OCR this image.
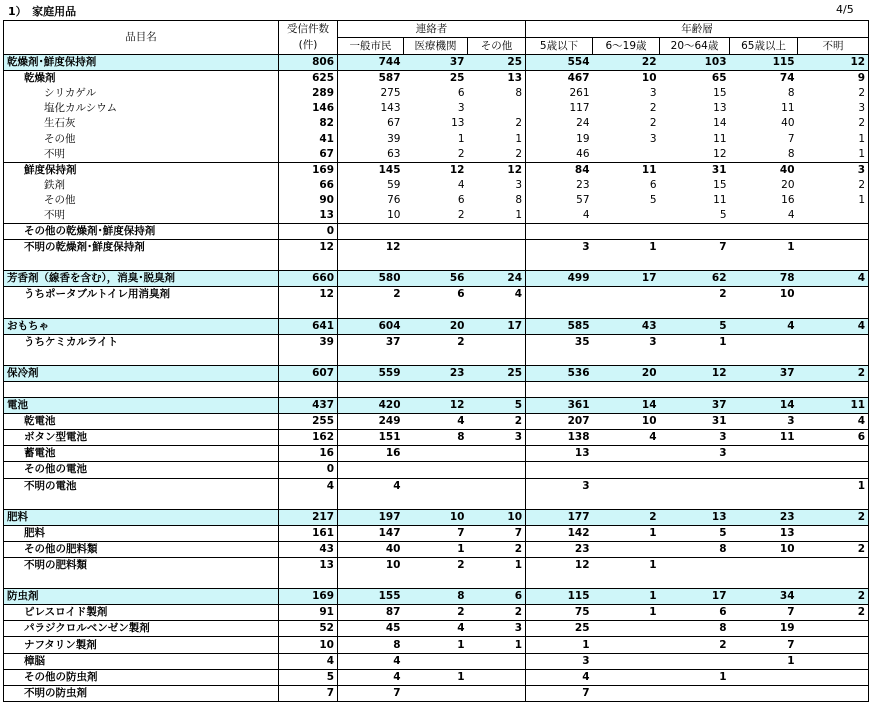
1）　家庭用品	4/5
品目名	受信件数	連絡者			年齢層				
	(件)	一般市民	医療機関	その他	5歳以下	6～19歳	20～64歳	65歳以上	不明
乾燥剤･鮮度保持剤	806	744	37	25	554	22	103	115	12
乾燥剤	625	587	25	13	467	10	65	74	9
シリカゲル	289	275	6	8	261	3	15	8	2
塩化カルシウム	146	143	3		117	2	13	11	3
生石灰	82	67	13	2	24	2	14	40	2
その他	41	39	1	1	19	3	11	7	1
不明	67	63	2	2	46		12	8	1
鮮度保持剤	169	145	12	12	84	11	31	40	3
鉄剤	66	59	4	3	23	6	15	20	2
その他	90	76	6	8	57	5	11	16	1
不明	13	10	2	1	4		5	4	
その他の乾燥剤･鮮度保持剤	0								
不明の乾燥剤･鮮度保持剤	12	12			3	1	7	1	

芳香剤（線香を含む），消臭･脱臭剤	660	580	56	24	499	17	62	78	4
うちポータブルトイレ用消臭剤	12	2	6	4			2	10	

おもちゃ	641	604	20	17	585	43	5	4	4
うちケミカルライト	39	37	2		35	3	1		

保冷剤	607	559	23	25	536	20	12	37	2

電池	437	420	12	5	361	14	37	14	11
乾電池	255	249	4	2	207	10	31	3	4
ボタン型電池	162	151	8	3	138	4	3	11	6
蓄電池	16	16			13		3		
その他の電池	0								
不明の電池	4	4			3				1

肥料	217	197	10	10	177	2	13	23	2
肥料	161	147	7	7	142	1	5	13	
その他の肥料類	43	40	1	2	23		8	10	2
不明の肥料類	13	10	2	1	12	1			

防虫剤	169	155	8	6	115	1	17	34	2
ピレスロイド製剤	91	87	2	2	75	1	6	7	2
パラジクロルベンゼン製剤	52	45	4	3	25		8	19	
ナフタリン製剤	10	8	1	1	1		2	7	
樟脳	4	4			3			1	
その他の防虫剤	5	4	1		4		1		
不明の防虫剤	7	7			7				
